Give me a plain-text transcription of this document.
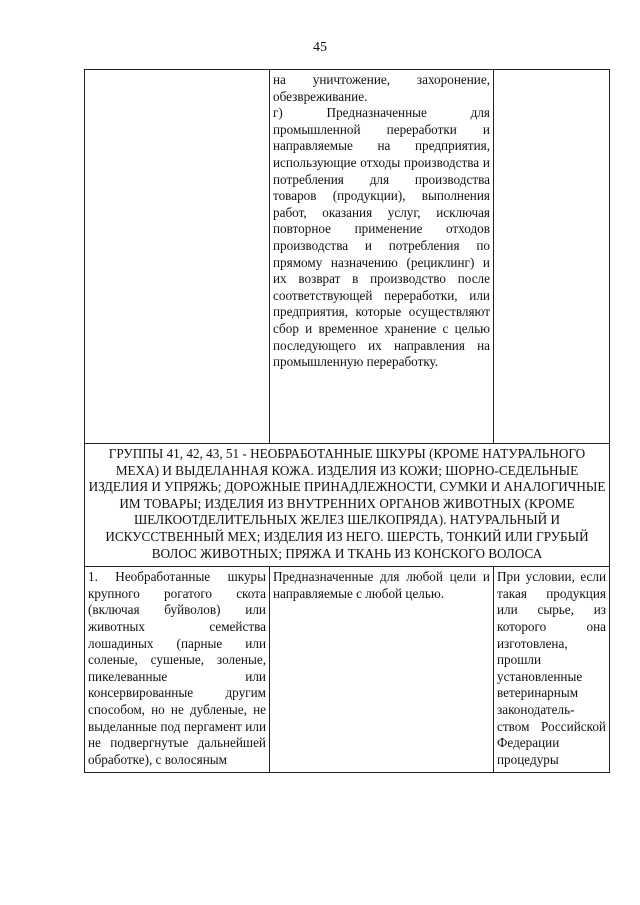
45

	на уничтожение, захоронение, обезвреживание.
г) Предназначенные для промышленной переработки и направляемые на предприятия, использующие отходы производства и потребления для производства товаров (продукции), выполнения работ, оказания услуг, исключая повторное применение отходов производства и потребления по прямому назначению (рециклинг) и их возврат в производство после соответствующей переработки, или предприятия, которые осуществляют сбор и временное хранение с целью последующего их направления на промышленную переработку.	

ГРУППЫ 41, 42, 43, 51 - НЕОБРАБОТАННЫЕ ШКУРЫ (КРОМЕ НАТУРАЛЬНОГО МЕХА) И ВЫДЕЛАННАЯ КОЖА. ИЗДЕЛИЯ ИЗ КОЖИ; ШОРНО-СЕДЕЛЬНЫЕ ИЗДЕЛИЯ И УПРЯЖЬ; ДОРОЖНЫЕ ПРИНАДЛЕЖНОСТИ, СУМКИ И АНАЛОГИЧНЫЕ ИМ ТОВАРЫ; ИЗДЕЛИЯ ИЗ ВНУТРЕННИХ ОРГАНОВ ЖИВОТНЫХ (КРОМЕ ШЕЛКООТДЕЛИТЕЛЬНЫХ ЖЕЛЕЗ ШЕЛКОПРЯДА). НАТУРАЛЬНЫЙ И ИСКУССТВЕННЫЙ МЕХ; ИЗДЕЛИЯ ИЗ НЕГО. ШЕРСТЬ, ТОНКИЙ ИЛИ ГРУБЫЙ ВОЛОС ЖИВОТНЫХ; ПРЯЖА И ТКАНЬ ИЗ КОНСКОГО ВОЛОСА		
1. Необработанные шкуры крупного рогатого скота (включая буйволов) или животных семейства лошадиных (парные или соленые, сушеные, золеные, пикелеванные или консервированные другим способом, но не дубленые, не выделанные под пергамент или не подвергнутые дальнейшей обработке), с волосяным	Предназначенные для любой цели и направляемые с любой целью.	При условии, если такая продукция или сырье, из которого она изготовлена, прошли установленные ветеринарным законодатель-ством Российской Федерации процедуры
